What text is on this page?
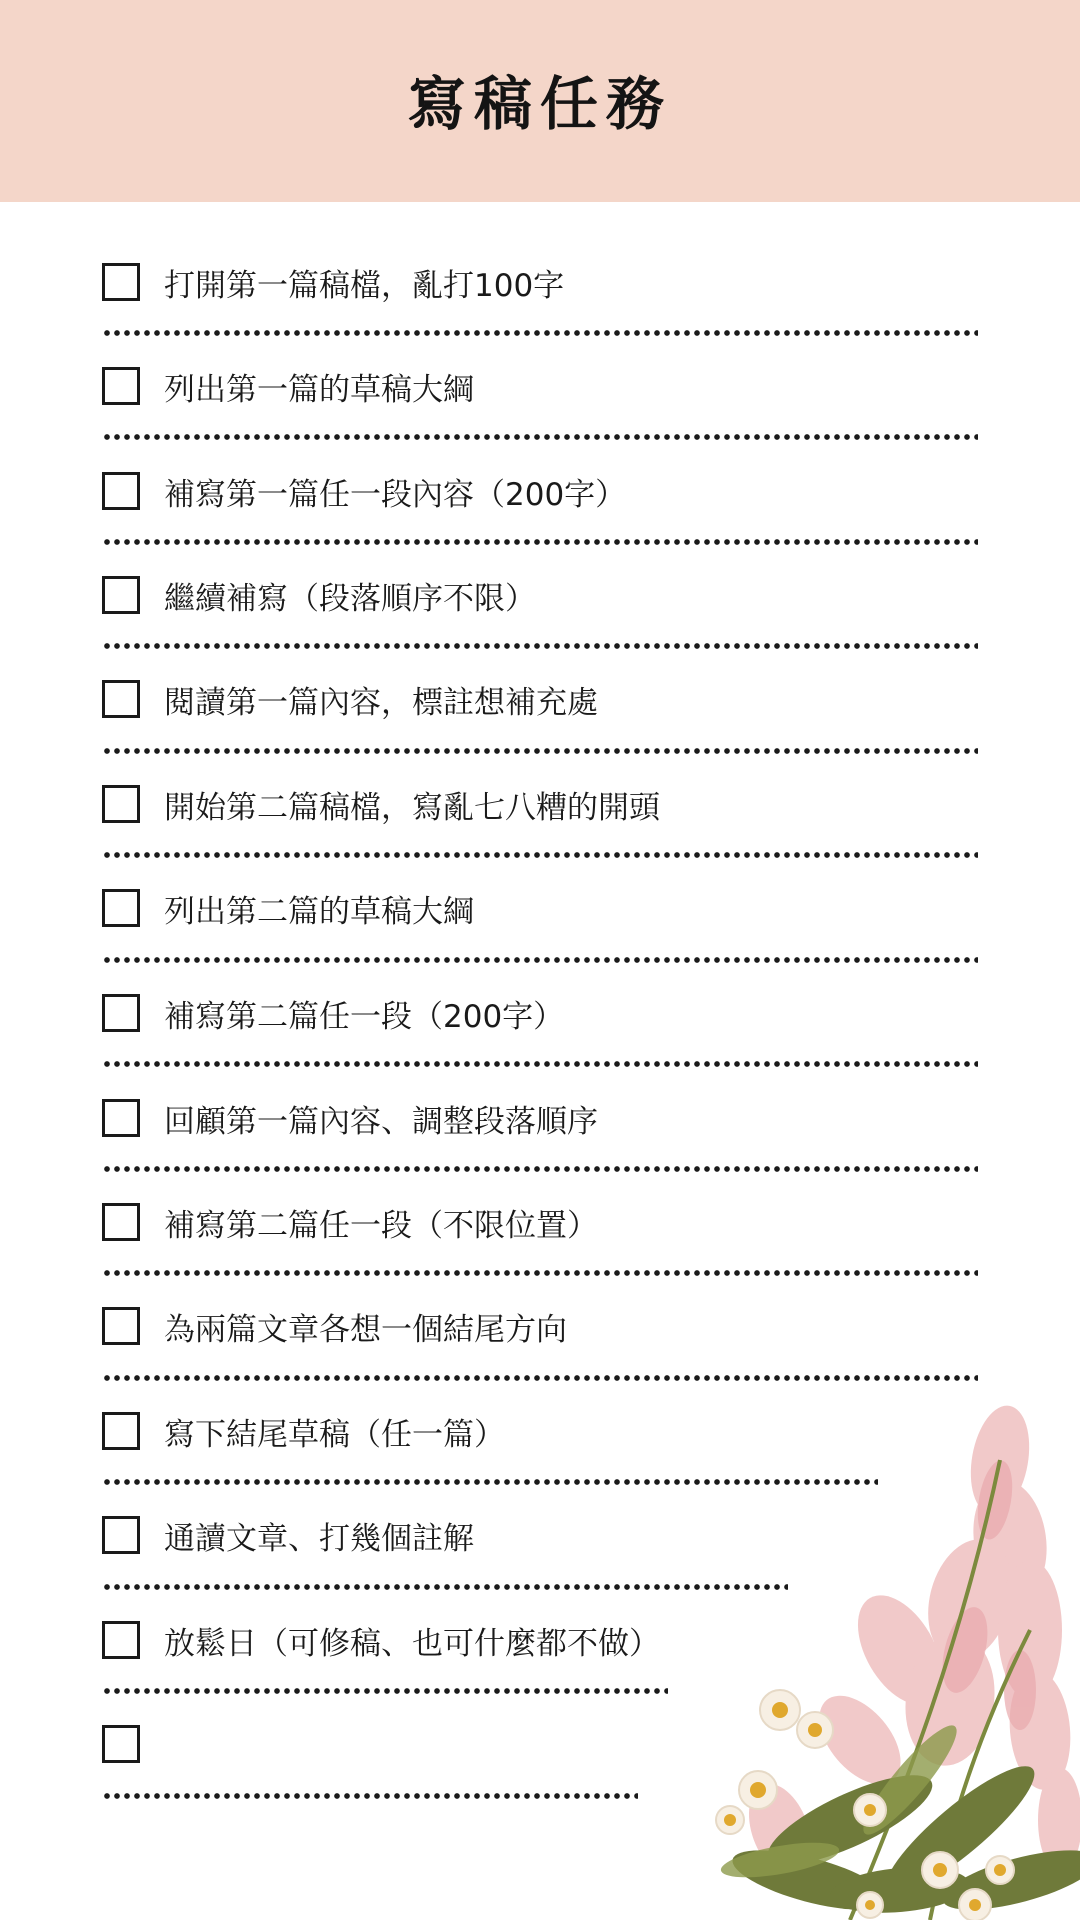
寫稿任務
打開第一篇稿檔，亂打100字
列出第一篇的草稿大綱
補寫第一篇任一段內容（200字）
繼續補寫（段落順序不限）
閱讀第一篇內容，標註想補充處
開始第二篇稿檔，寫亂七八糟的開頭
列出第二篇的草稿大綱
補寫第二篇任一段（200字）
回顧第一篇內容、調整段落順序
補寫第二篇任一段（不限位置）
為兩篇文章各想一個結尾方向
寫下結尾草稿（任一篇）
通讀文章、打幾個註解
放鬆日（可修稿、也可什麼都不做）
